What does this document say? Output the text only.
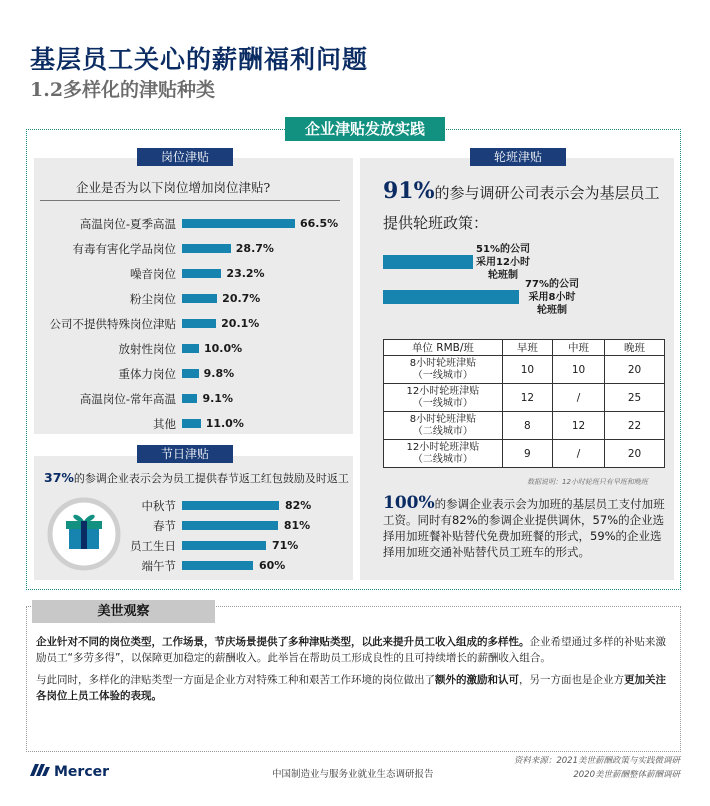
基层员工关心的薪酬福利问题
1.2多样化的津贴种类
企业津贴发放实践
岗位津贴
企业是否为以下岗位增加岗位津贴?
高温岗位-夏季高温	66.5%
有毒有害化学品岗位	28.7%
噪音岗位	23.2%
粉尘岗位	20.7%
公司不提供特殊岗位津贴	20.1%
放射性岗位	10.0%
重体力岗位	9.8%
高温岗位-常年高温 9.1%
其他	11.0%
节日津贴
37%的参调企业表示会为员工提供春节返工红包鼓励及时返工
中秋节	82%
春节	81%
员工生日	71%
端午节	60%
轮班津贴
91%的参与调研公司表示会为基层员工提供轮班政策：
51%的公司
采用12小时
轮班制
77%的公司
采用8小时
轮班制
单位 RMB/班	早班	中班	晚班

8小时轮班津贴
（一线城市）	10	10	20

12小时轮班津贴
（一线城市）	12	/	25

8小时轮班津贴
（二线城市）	8	12	22

12小时轮班津贴
（二线城市）	9	/	20
数据说明：12小时轮班只有早班和晚班
100%的参调企业表示会为加班的基层员工支付加班工资。同时有82%的参调企业提供调休，57%的企业选择用加班餐补贴替代免费加班餐的形式，59%的企业选择用加班交通补贴替代员工班车的形式。
美世观察
企业针对不同的岗位类型，工作场景，节庆场景提供了多种津贴类型，以此来提升员工收入组成的多样性。企业希望通过多样的补贴来激励员工“多劳多得”，以保障更加稳定的薪酬收入。此举旨在帮助员工形成良性的且可持续增长的薪酬收入组合。
与此同时，多样化的津贴类型一方面是企业方对特殊工种和艰苦工作环境的岗位做出了额外的激励和认可，另一方面也是企业方更加关注各岗位上员工体验的表现。
Mercer	中国制造业与服务业就业生态调研报告
资料来源：2021美世薪酬政策与实践微调研
2020美世薪酬整体薪酬调研
